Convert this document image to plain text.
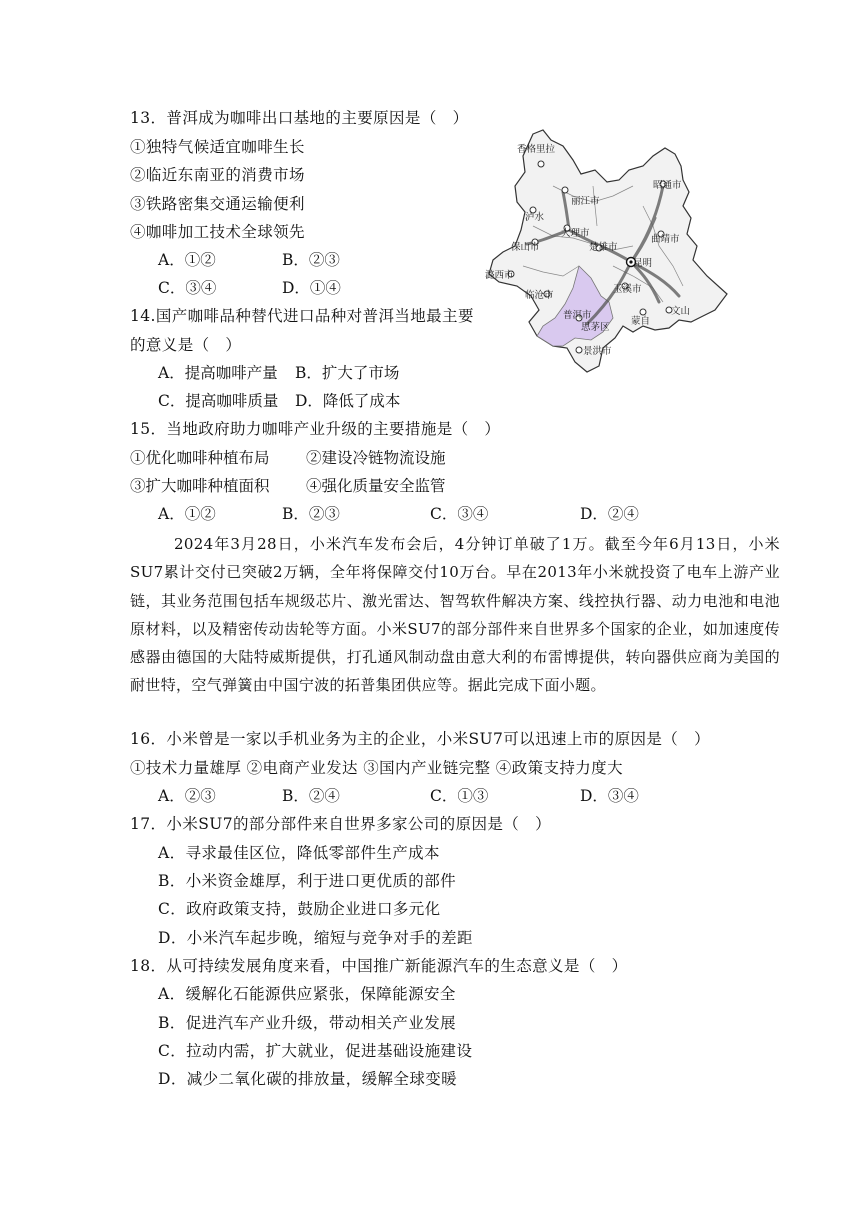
13．普洱成为咖啡出口基地的主要原因是（　）
①独特气候适宜咖啡生长
②临近东南亚的消费市场
③铁路密集交通运输便利
④咖啡加工技术全球领先
A．①②	B．②③
C．③④	D．①④
14.国产咖啡品种替代进口品种对普洱当地最主要
的意义是（　）
A．提高咖啡产量 B．扩大了市场
C．提高咖啡质量 D．降低了成本
15．当地政府助力咖啡产业升级的主要措施是（　）
①优化咖啡种植布局 ②建设冷链物流设施
③扩大咖啡种植面积 ④强化质量安全监管
A．①②	B．②③	C．③④	D．②④
2024年3月28日，小米汽车发布会后，4分钟订单破了1万。截至今年6月13日，小米SU7累计交付已突破2万辆，全年将保障交付10万台。早在2013年小米就投资了电车上游产业链，其业务范围包括车规级芯片、激光雷达、智驾软件解决方案、线控执行器、动力电池和电池原材料，以及精密传动齿轮等方面。小米SU7的部分部件来自世界多个国家的企业，如加速度传感器由德国的大陆特威斯提供，打孔通风制动盘由意大利的布雷博提供，转向器供应商为美国的耐世特，空气弹簧由中国宁波的拓普集团供应等。据此完成下面小题。
16．小米曾是一家以手机业务为主的企业，小米SU7可以迅速上市的原因是（　）
①技术力量雄厚 ②电商产业发达 ③国内产业链完整 ④政策支持力度大
A．②③	B．②④	C．①③	D．③④
17．小米SU7的部分部件来自世界多家公司的原因是（　）
A．寻求最佳区位，降低零部件生产成本
B．小米资金雄厚，利于进口更优质的部件
C．政府政策支持，鼓励企业进口多元化
D．小米汽车起步晚，缩短与竞争对手的差距
18．从可持续发展角度来看，中国推广新能源汽车的生态意义是（　）
A．缓解化石能源供应紧张，保障能源安全
B．促进汽车产业升级，带动相关产业发展
C．拉动内需，扩大就业，促进基础设施建设
D．减少二氧化碳的排放量，缓解全球变暖
香格里拉
丽江市
昭通市
泸水
大理市
曲靖市
保山市	楚雄市
昆明
潞西市
临沧市
玉溪市
文山
普洱市
思茅区
蒙自
景洪市
